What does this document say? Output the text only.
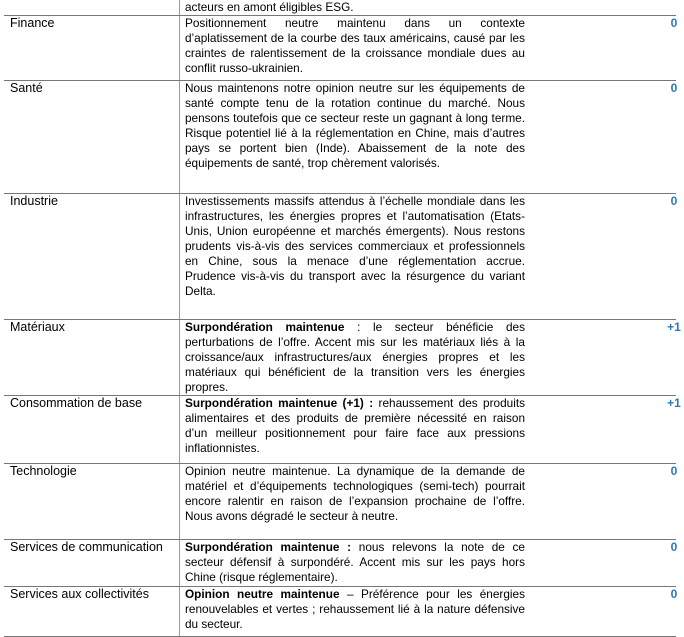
	acteurs en amont éligibles ESG.	
Finance	Positionnement neutre maintenu dans un contexte d’aplatissement de la courbe des taux américains, causé par les craintes de ralentissement de la croissance mondiale dues au conflit russo-ukrainien.	0
Santé	Nous maintenons notre opinion neutre sur les équipements de santé compte tenu de la rotation continue du marché. Nous pensons toutefois que ce secteur reste un gagnant à long terme. Risque potentiel lié à la réglementation en Chine, mais d’autres pays se portent bien (Inde). Abaissement de la note des équipements de santé, trop chèrement valorisés.	0
Industrie	Investissements massifs attendus à l’échelle mondiale dans les infrastructures, les énergies propres et l’automatisation (Etats-Unis, Union européenne et marchés émergents). Nous restons prudents vis-à-vis des services commerciaux et professionnels en Chine, sous la menace d’une réglementation accrue. Prudence vis-à-vis du transport avec la résurgence du variant Delta.	0
Matériaux	Surpondération maintenue : le secteur bénéficie des perturbations de l’offre. Accent mis sur les matériaux liés à la croissance/aux infrastructures/aux énergies propres et les matériaux qui bénéficient de la transition vers les énergies propres.	+1
Consommation de base	Surpondération maintenue (+1) : rehaussement des produits alimentaires et des produits de première nécessité en raison d’un meilleur positionnement pour faire face aux pressions inflationnistes.	+1
Technologie	Opinion neutre maintenue. La dynamique de la demande de matériel et d’équipements technologiques (semi-tech) pourrait encore ralentir en raison de l’expansion prochaine de l’offre. Nous avons dégradé le secteur à neutre.	0
Services de communication	Surpondération maintenue : nous relevons la note de ce secteur défensif à surpondéré. Accent mis sur les pays hors Chine (risque réglementaire).	0
Services aux collectivités	Opinion neutre maintenue – Préférence pour les énergies renouvelables et vertes ; rehaussement lié à la nature défensive du secteur.	0
